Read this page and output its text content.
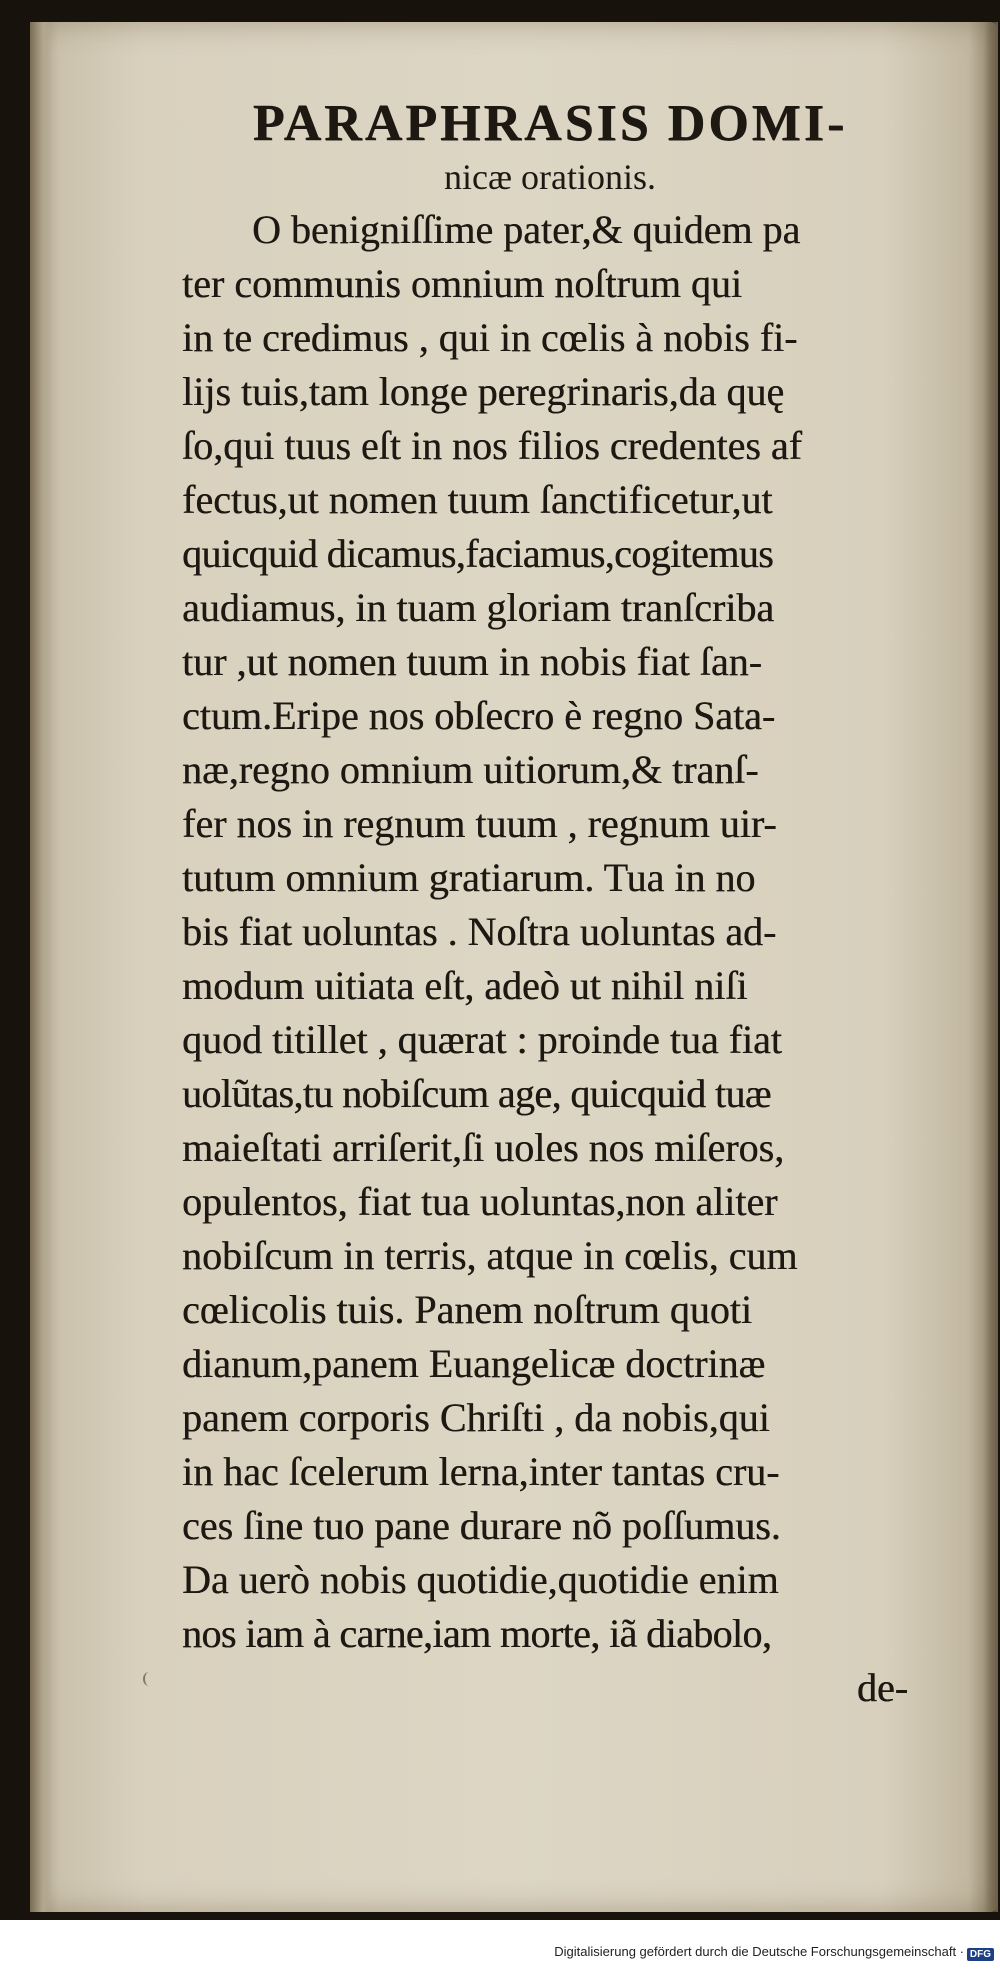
PARAPHRASIS DOMI-

nicæ orationis.

O benigniſſime pater,& quidem pa
ter communis omnium noſtrum qui
in te credimus , qui in cœlis à nobis fi-
lijs tuis,tam longe peregrinaris,da quę
ſo,qui tuus eſt in nos filios credentes af
fectus,ut nomen tuum ſanctificetur,ut
quicquid dicamus,faciamus,cogitemus
audiamus, in tuam gloriam tranſcriba
tur ,ut nomen tuum in nobis fiat ſan-
ctum.Eripe nos obſecro è regno Sata-
næ,regno omnium uitiorum,& tranſ-
fer nos in regnum tuum , regnum uir-
tutum omnium gratiarum. Tua in no
bis fiat uoluntas . Noſtra uoluntas ad-
modum uitiata eſt, adeò ut nihil niſi
quod titillet , quærat : proinde tua fiat
uolũtas,tu nobiſcum age, quicquid tuæ
maieſtati arriſerit,ſi uoles nos miſeros,
opulentos, fiat tua uoluntas,non aliter
nobiſcum in terris, atque in cœlis, cum
cœlicolis tuis. Panem noſtrum quoti
dianum,panem Euangelicæ doctrinæ
panem corporis Chriſti , da nobis,qui
in hac ſcelerum lerna,inter tantas cru-
ces ſine tuo pane durare nõ poſſumus.
Da uerò nobis quotidie,quotidie enim
nos iam à carne,iam morte, iã diabolo,
de-
Digitalisierung gefördert durch die Deutsche Forschungsgemeinschaft · DFG
